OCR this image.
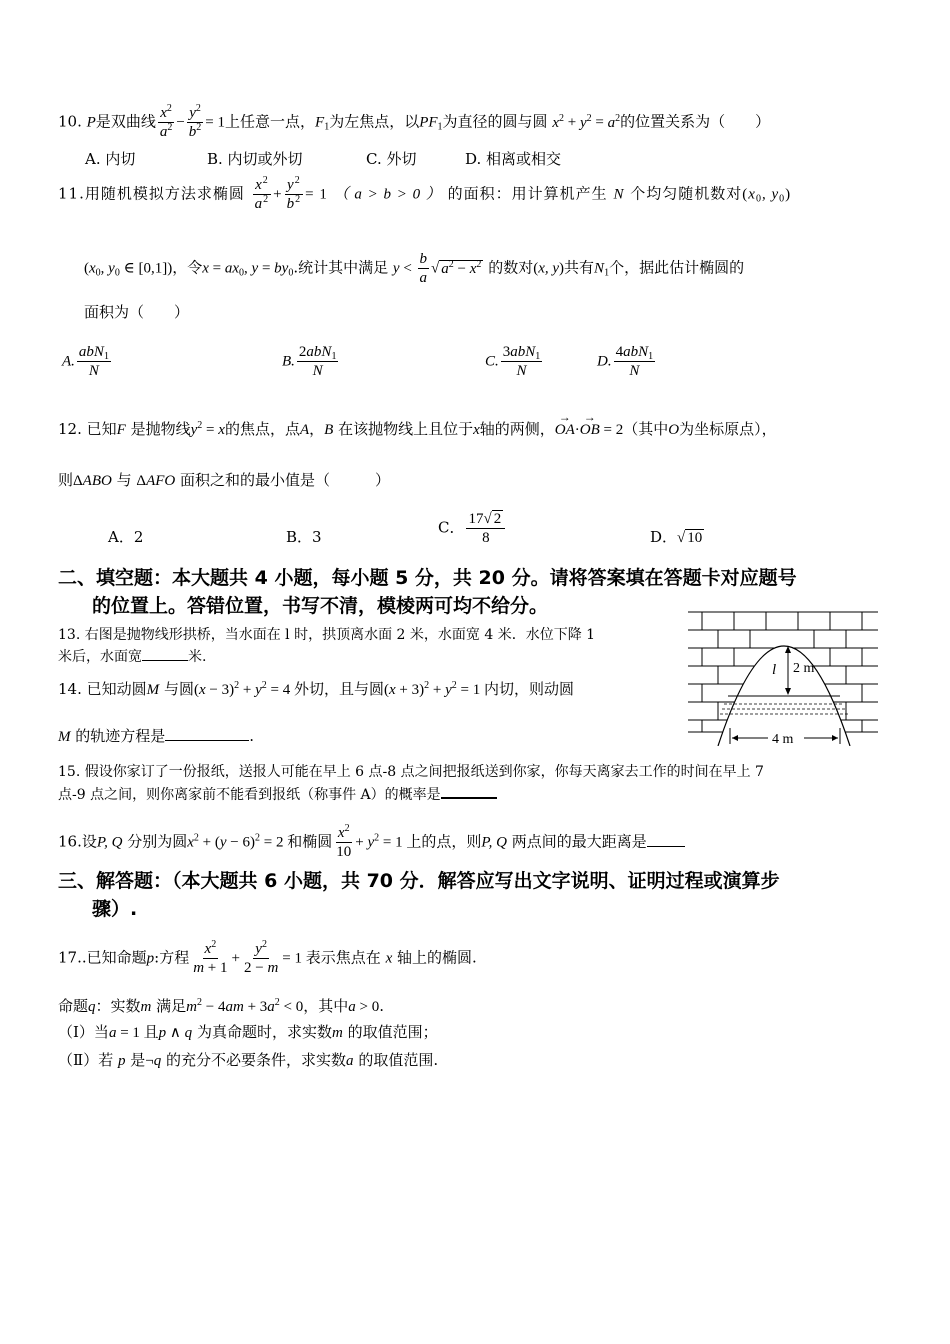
10. P是双曲线 $\frac{x^2}{a^2} - \frac{y^2}{b^2} = 1$上任意一点，$F_1$为左焦点，以$PF_1$为直径的圆与圆 $x^2 + y^2 = a^2$的位置关系为（　　）
A. 内切	B. 内切或外切	C. 外切	D. 相离或相交
11.用随机模拟方法求椭圆 $\frac{x^2}{a^2} + \frac{y^2}{b^2} = 1$ （ a > b > 0 ） 的面积：用计算机产生 N 个均匀随机数对($x_0$, $y_0$)
($x_0$, $y_0$ ∈ [0,1])，令$x = ax_0$, $y = by_0$.统计其中满足 $y < \frac{b}{a}$ √ $a^2 - x^2$ 的数对(x, y)共有$N_1$个，据此估计椭圆的
面积为（　　）
A. $\frac{abN_1}{N}$	B. $\frac{2abN_1}{N}$	C. $\frac{3abN_1}{N}$	D. $\frac{4abN_1}{N}$
12. 已知F 是抛物线$y^2 = x$的焦点，点A，B 在该抛物线上且位于x轴的两侧，→ OA·→ OB = 2（其中O为坐标原点），
则ΔABO 与 ΔAFO 面积之和的最小值是（　　　）
A．2	B．3
C． $\frac{17√ 2}{8}$	D．√ 10
二、填空题：本大题共 4 小题，每小题 5 分，共 20 分。请将答案填在答题卡对应题号
的位置上。答错位置，书写不清，模棱两可均不给分。
13. 右图是抛物线形拱桥，当水面在 l 时，拱顶离水面 2 米，水面宽 4 米．水位下降 1
米后，水面宽	米.
14. 已知动圆M 与圆$(x - 3)^2 + y^2 = 4$ 外切，且与圆$(x + 3)^2 + y^2 = 1$ 内切，则动圆
M 的轨迹方程是	.
l 2 m
4 m
15. 假设你家订了一份报纸，送报人可能在早上 6 点-8 点之间把报纸送到你家，你每天离家去工作的时间在早上 7
点-9 点之间，则你离家前不能看到报纸（称事件 A）的概率是
16.设P, Q 分别为圆$x^2 + (y - 6)^2 = 2$ 和椭圆 $\frac{x^2}{10} + y^2 = 1$ 上的点，则P, Q 两点间的最大距离是
三、解答题：（本大题共 6 小题，共 70 分．解答应写出文字说明、证明过程或演算步
骤）.
17..已知命题p:方程 $\frac{x^2}{m + 1} + \frac{y^2}{2 - m} = 1$ 表示焦点在 x 轴上的椭圆.
命题q：实数m 满足$m^2 - 4am + 3a^2 < 0$，其中a > 0.
（Ⅰ）当a = 1 且p ∧ q 为真命题时，求实数m 的取值范围；
（Ⅱ）若 p 是¬q 的充分不必要条件，求实数a 的取值范围.
